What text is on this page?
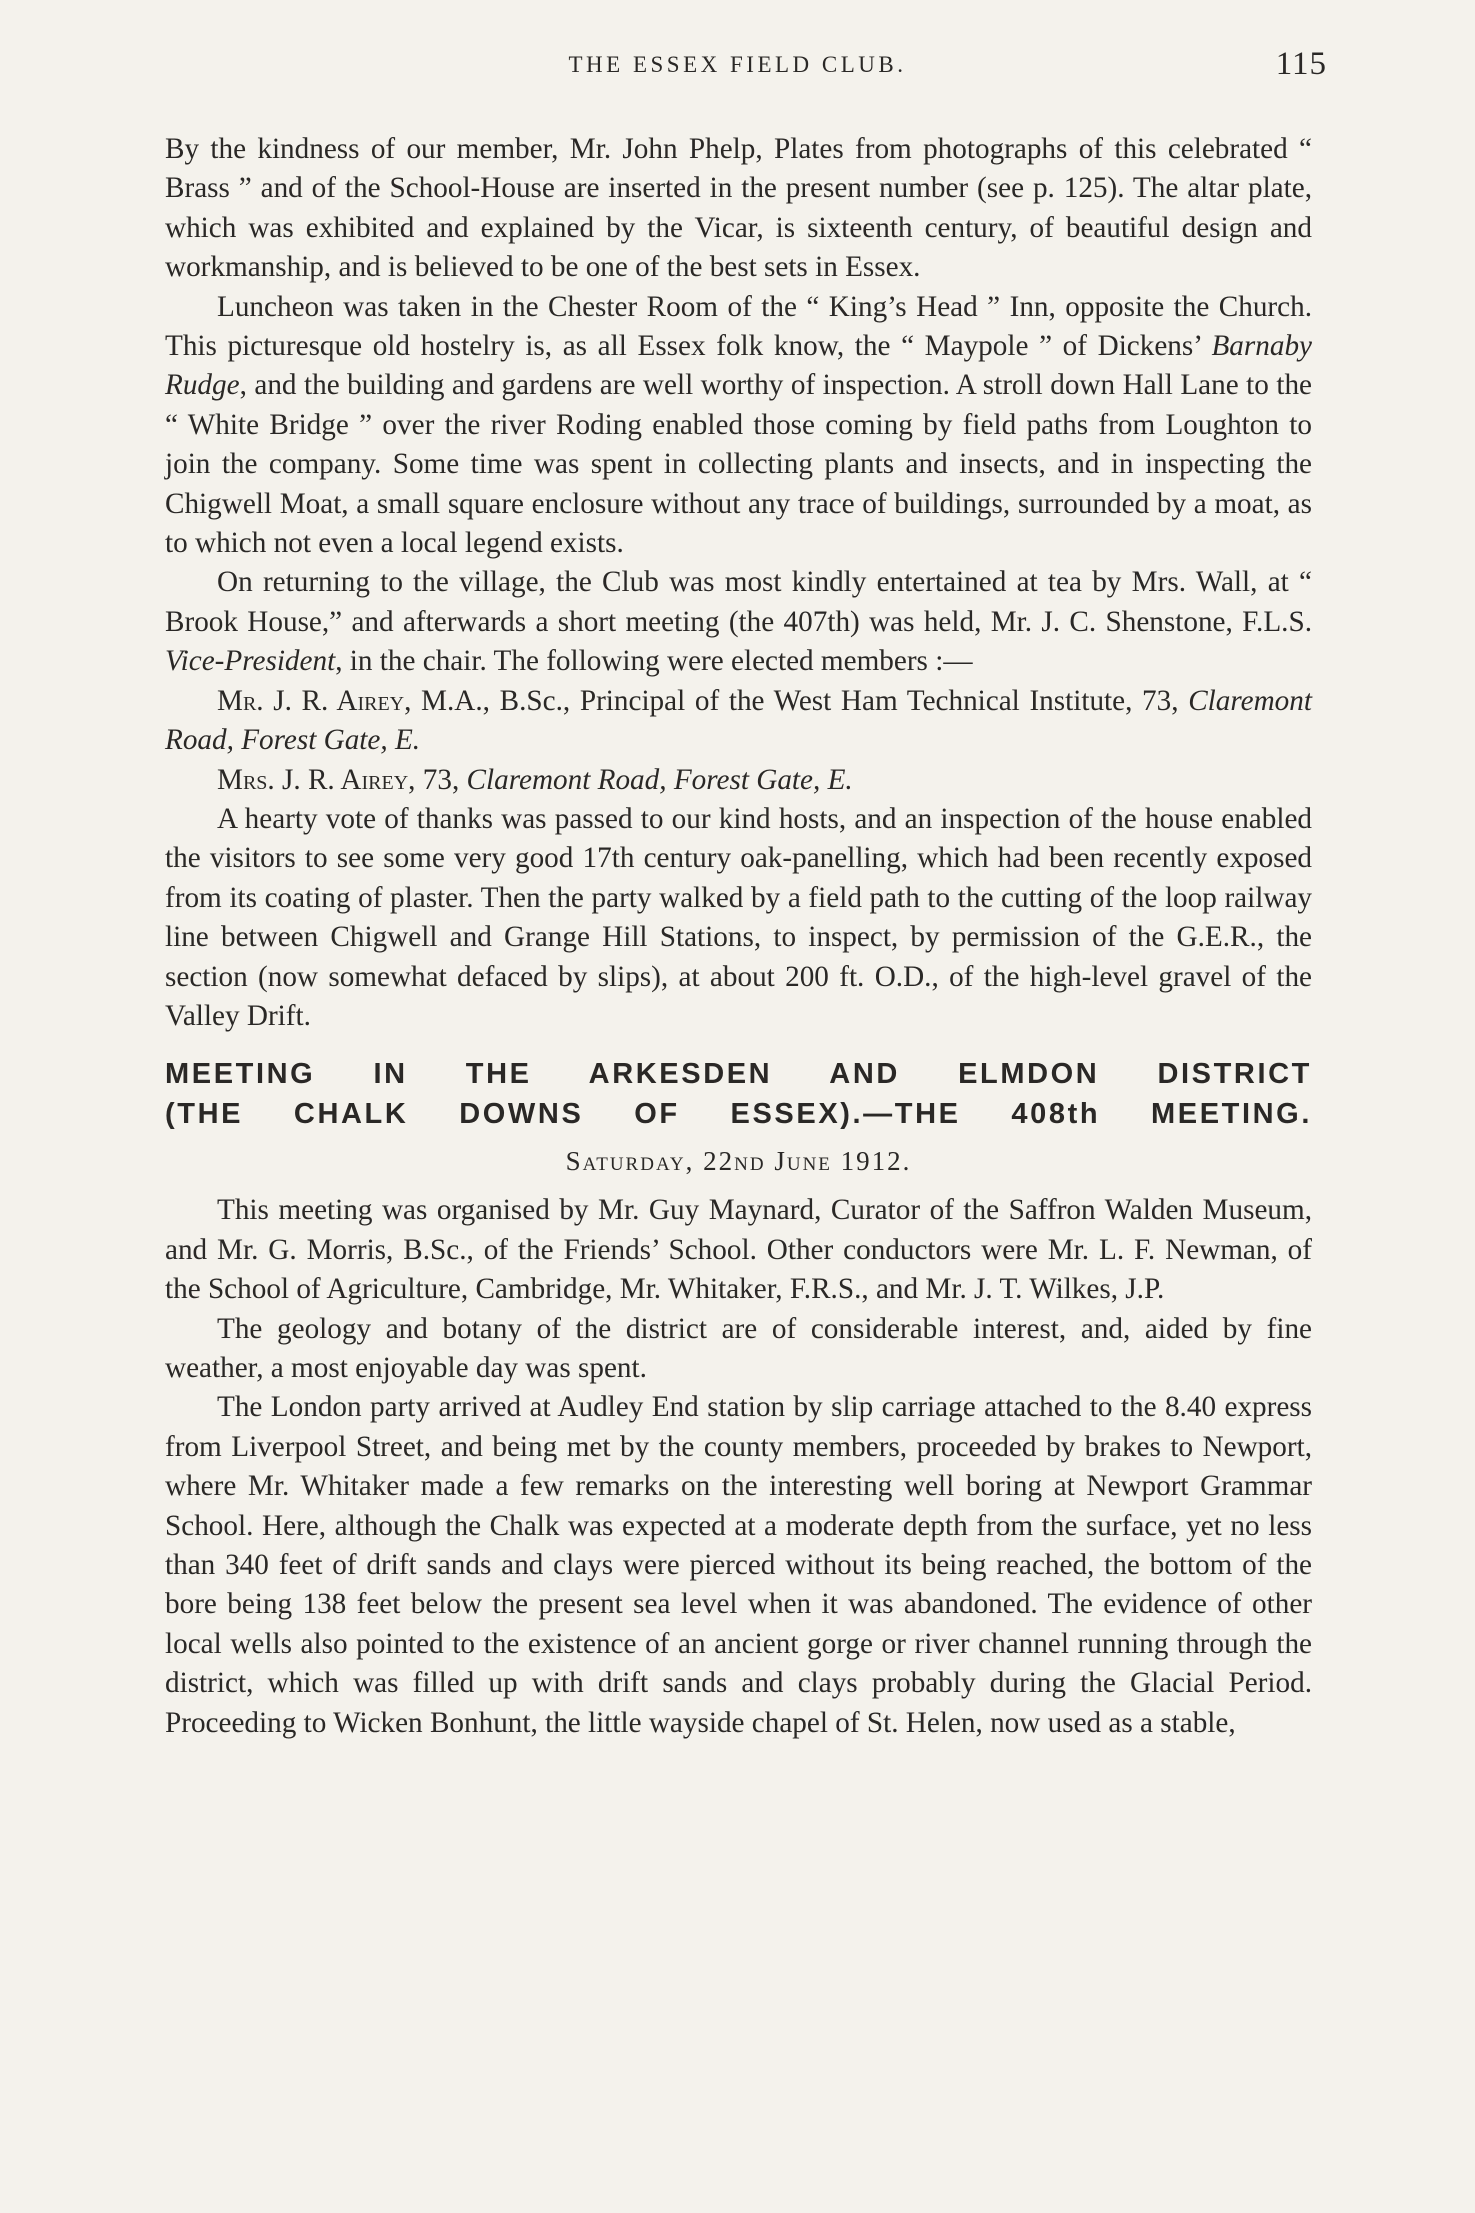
THE ESSEX FIELD CLUB.	115

By the kindness of our member, Mr. John Phelp, Plates from photographs of this celebrated “ Brass ” and of the School-House are inserted in the present number (see p. 125). The altar plate, which was exhibited and explained by the Vicar, is sixteenth century, of beautiful design and workmanship, and is believed to be one of the best sets in Essex.

Luncheon was taken in the Chester Room of the “ King’s Head ” Inn, opposite the Church. This picturesque old hostelry is, as all Essex folk know, the “ Maypole ” of Dickens’ Barnaby Rudge, and the building and gardens are well worthy of inspection. A stroll down Hall Lane to the “ White Bridge ” over the river Roding enabled those coming by field paths from Loughton to join the company. Some time was spent in collecting plants and insects, and in inspecting the Chigwell Moat, a small square enclosure without any trace of buildings, surrounded by a moat, as to which not even a local legend exists.

On returning to the village, the Club was most kindly entertained at tea by Mrs. Wall, at “ Brook House,” and afterwards a short meeting (the 407th) was held, Mr. J. C. Shenstone, F.L.S. Vice-President, in the chair. The following were elected members :—

Mr. J. R. Airey, M.A., B.Sc., Principal of the West Ham Technical Institute, 73, Claremont Road, Forest Gate, E.

Mrs. J. R. Airey, 73, Claremont Road, Forest Gate, E.

A hearty vote of thanks was passed to our kind hosts, and an inspection of the house enabled the visitors to see some very good 17th century oak-panelling, which had been recently exposed from its coating of plaster. Then the party walked by a field path to the cutting of the loop railway line between Chigwell and Grange Hill Stations, to inspect, by permission of the G.E.R., the section (now somewhat defaced by slips), at about 200 ft. O.D., of the high-level gravel of the Valley Drift.

MEETING IN THE ARKESDEN AND ELMDON DISTRICT
(THE CHALK DOWNS OF ESSEX).—THE 408th MEETING.
Saturday, 22nd June 1912.

This meeting was organised by Mr. Guy Maynard, Curator of the Saffron Walden Museum, and Mr. G. Morris, B.Sc., of the Friends’ School. Other conductors were Mr. L. F. Newman, of the School of Agriculture, Cambridge, Mr. Whitaker, F.R.S., and Mr. J. T. Wilkes, J.P.

The geology and botany of the district are of considerable interest, and, aided by fine weather, a most enjoyable day was spent.

The London party arrived at Audley End station by slip carriage attached to the 8.40 express from Liverpool Street, and being met by the county members, proceeded by brakes to Newport, where Mr. Whitaker made a few remarks on the interesting well boring at Newport Grammar School. Here, although the Chalk was expected at a moderate depth from the surface, yet no less than 340 feet of drift sands and clays were pierced without its being reached, the bottom of the bore being 138 feet below the present sea level when it was abandoned. The evidence of other local wells also pointed to the existence of an ancient gorge or river channel running through the district, which was filled up with drift sands and clays probably during the Glacial Period. Proceeding to Wicken Bonhunt, the little wayside chapel of St. Helen, now used as a stable,
